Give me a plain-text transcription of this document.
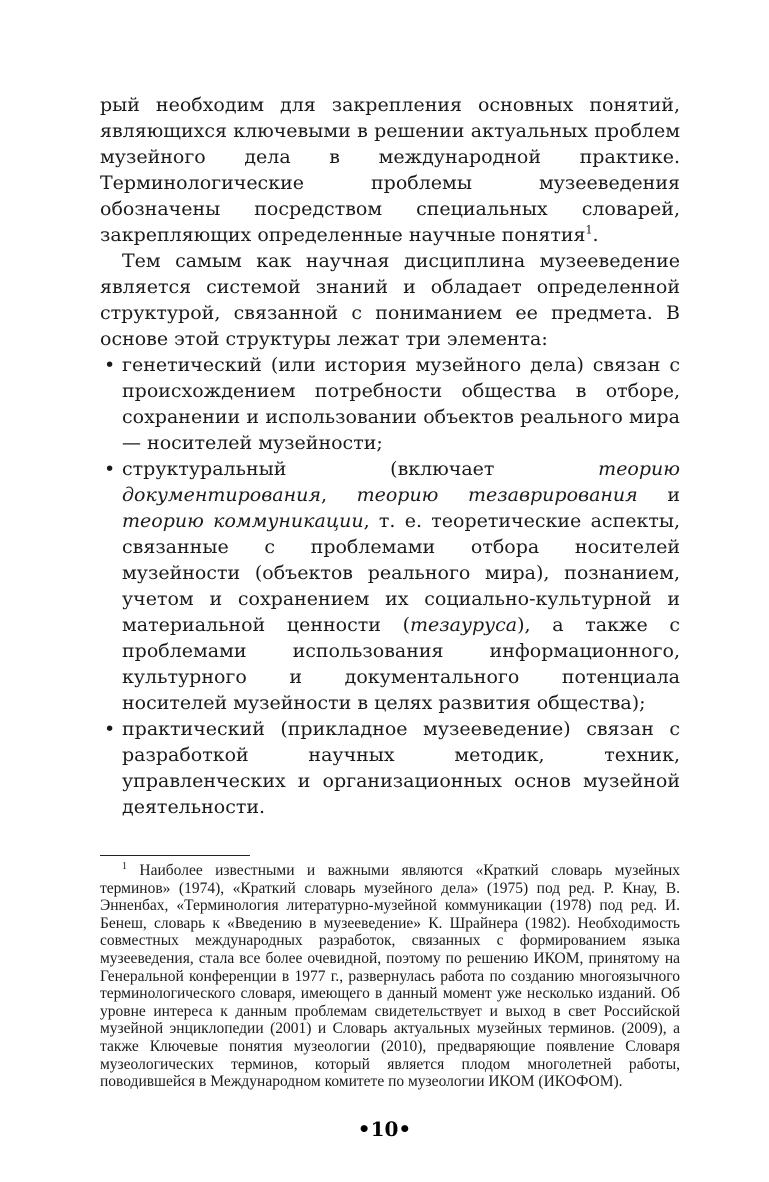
рый необходим для закрепления основных понятий, являющихся ключевыми в решении актуальных проблем музейного дела в международной практике. Терминологические проблемы музееведения обозначены посредством специальных словарей, закрепляющих определенные научные понятия$^1$.

Тем самым как научная дисциплина музееведение является системой знаний и обладает определенной структурой, связанной с пониманием ее предмета. В основе этой структуры лежат три элемента:

• генетический (или история музейного дела) связан с происхождением потребности общества в отборе, сохранении и использовании объектов реального мира — носителей музейности;
• структуральный (включает теорию документирования, теорию тезаврирования и теорию коммуникации, т. е. теоретические аспекты, связанные с проблемами отбора носителей музейности (объектов реального мира), познанием, учетом и сохранением их социально-культурной и материальной ценности (тезауруса), а также с проблемами использования информационного, культурного и документального потенциала носителей музейности в целях развития общества);
• практический (прикладное музееведение) связан с разработкой научных методик, техник, управленческих и организационных основ музейной деятельности.

$^1$ Наиболее известными и важными являются «Краткий словарь музейных терминов» (1974), «Краткий словарь музейного дела» (1975) под ред. Р. Кнау, В. Энненбах, «Терминология литературно-музейной коммуникации (1978) под ред. И. Бенеш, словарь к «Введению в музееведение» К. Шрайнера (1982). Необходимость совместных международных разработок, связанных с формированием языка музееведения, стала все более очевидной, поэтому по решению ИКОМ, принятому на Генеральной конференции в 1977 г., развернулась работа по созданию многоязычного терминологического словаря, имеющего в данный момент уже несколько изданий. Об уровне интереса к данным проблемам свидетельствует и выход в свет Российской музейной энциклопедии (2001) и Словарь актуальных музейных терминов. (2009), а также Ключевые понятия музеологии (2010), предваряющие появление Словаря музеологических терминов, который является плодом многолетней работы, поводившейся в Международном комитете по музеологии ИКОМ (ИКОФОМ).

•10•
